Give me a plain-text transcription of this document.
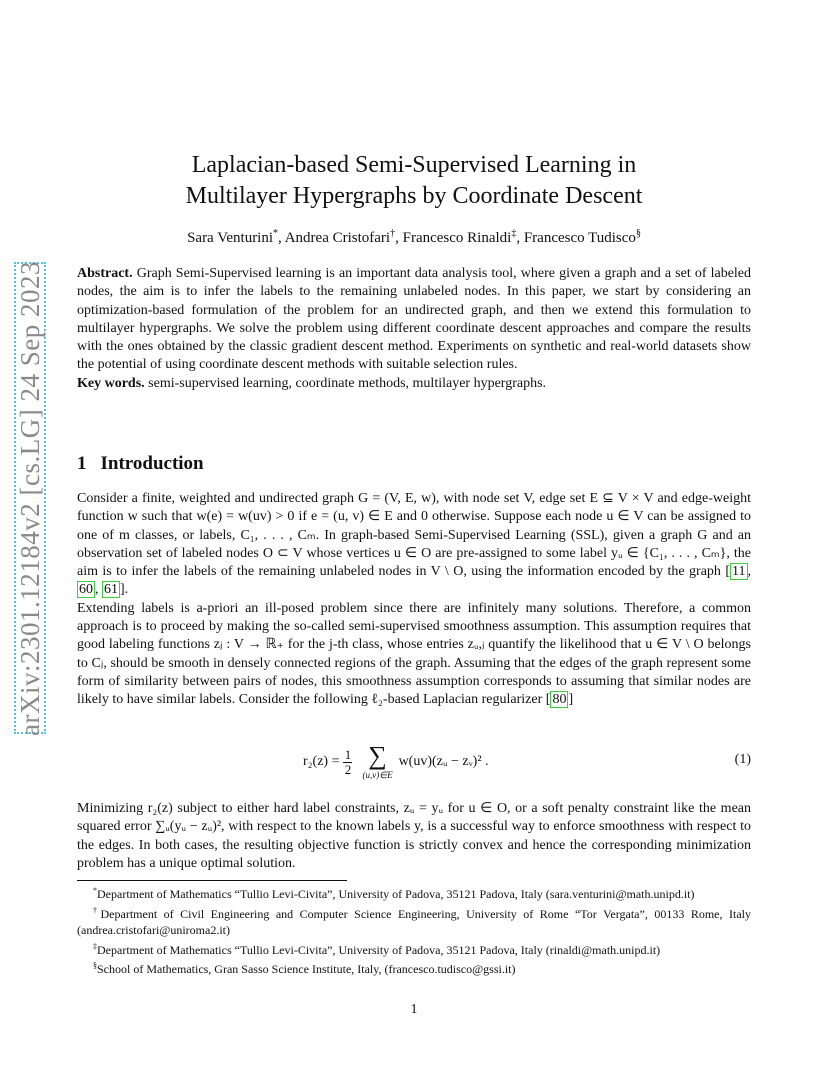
arXiv:2301.12184v2 [cs.LG] 24 Sep 2023
Laplacian-based Semi-Supervised Learning in
Multilayer Hypergraphs by Coordinate Descent
Sara Venturini*, Andrea Cristofari†, Francesco Rinaldi‡, Francesco Tudisco§
Abstract. Graph Semi-Supervised learning is an important data analysis tool, where given a graph and a set of labeled nodes, the aim is to infer the labels to the remaining unlabeled nodes. In this paper, we start by considering an optimization-based formulation of the problem for an undirected graph, and then we extend this formulation to multilayer hypergraphs. We solve the problem using different coordinate descent approaches and compare the results with the ones obtained by the classic gradient descent method. Experiments on synthetic and real-world datasets show the potential of using coordinate descent methods with suitable selection rules.
Key words. semi-supervised learning, coordinate methods, multilayer hypergraphs.
1 Introduction

Consider a finite, weighted and undirected graph G = (V, E, w), with node set V, edge set E ⊆ V × V and edge-weight function w such that w(e) = w(uv) > 0 if e = (u, v) ∈ E and 0 otherwise. Suppose each node u ∈ V can be assigned to one of m classes, or labels, C₁, . . . , Cₘ. In graph-based Semi-Supervised Learning (SSL), given a graph G and an observation set of labeled nodes O ⊂ V whose vertices u ∈ O are pre-assigned to some label yᵤ ∈ {C₁, . . . , Cₘ}, the aim is to infer the labels of the remaining unlabeled nodes in V \ O, using the information encoded by the graph [ 11 , 60 , 61 ].

Extending labels is a-priori an ill-posed problem since there are infinitely many solutions. Therefore, a common approach is to proceed by making the so-called semi-supervised smoothness assumption. This assumption requires that good labeling functions zⱼ : V → ℝ₊ for the j-th class, whose entries zᵤ,ⱼ quantify the likelihood that u ∈ V \ O belongs to Cⱼ, should be smooth in densely connected regions of the graph. Assuming that the edges of the graph represent some form of similarity between pairs of nodes, this smoothness assumption corresponds to assuming that similar nodes are likely to have similar labels. Consider the following ℓ₂-based Laplacian regularizer [ 80 ]

$r_2(z) = \frac{1}{2}$ ∑
(u,v)∈E
w(uv)(zᵤ − zᵥ)² .	(1)
Minimizing r₂(z) subject to either hard label constraints, zᵤ = yᵤ for u ∈ O, or a soft penalty constraint like the mean squared error ∑ᵤ(yᵤ − zᵤ)², with respect to the known labels y, is a successful way to enforce smoothness with respect to the edges. In both cases, the resulting objective function is strictly convex and hence the corresponding minimization problem has a unique optimal solution.

*Department of Mathematics “Tullio Levi-Civita”, University of Padova, 35121 Padova, Italy (sara.venturini@math.unipd.it)

†Department of Civil Engineering and Computer Science Engineering, University of Rome “Tor Vergata”, 00133 Rome, Italy (andrea.cristofari@uniroma2.it)

‡Department of Mathematics “Tullio Levi-Civita”, University of Padova, 35121 Padova, Italy (rinaldi@math.unipd.it)

§School of Mathematics, Gran Sasso Science Institute, Italy, (francesco.tudisco@gssi.it)

1
